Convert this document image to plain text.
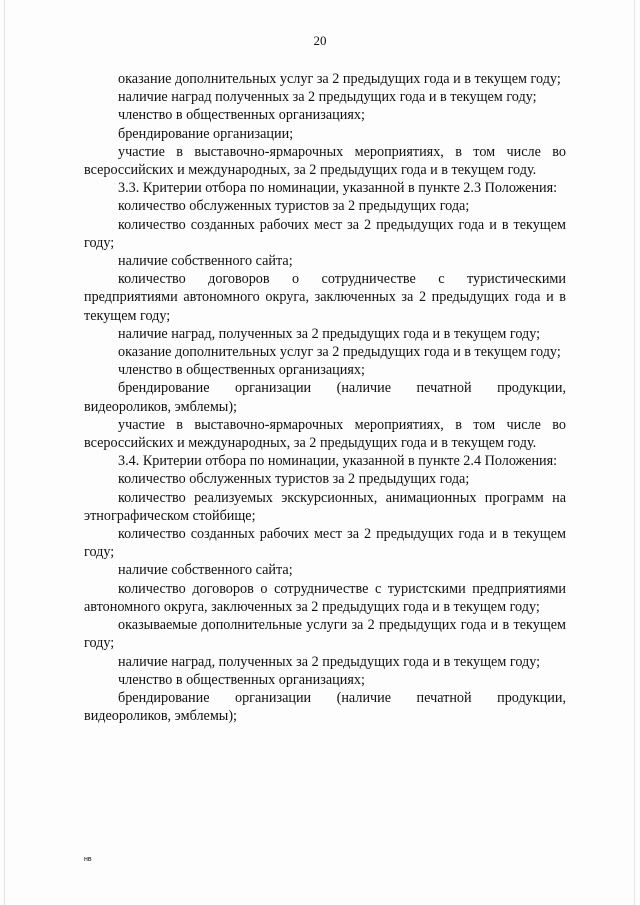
20

оказание дополнительных услуг за 2 предыдущих года и в текущем году;

наличие наград полученных за 2 предыдущих года и в текущем году;

членство в общественных организациях;

брендирование организации;

участие в выставочно-ярмарочных мероприятиях, в том числе во всероссийских и международных, за 2 предыдущих года и в текущем году.

3.3. Критерии отбора по номинации, указанной в пункте 2.3 Положения:

количество обслуженных туристов за 2 предыдущих года;

количество созданных рабочих мест за 2 предыдущих года и в текущем году;

наличие собственного сайта;

количество договоров о сотрудничестве с туристическими предприятиями автономного округа, заключенных за 2 предыдущих года и в текущем году;

наличие наград, полученных за 2 предыдущих года и в текущем году;

оказание дополнительных услуг за 2 предыдущих года и в текущем году;

членство в общественных организациях;

брендирование организации (наличие печатной продукции, видеороликов, эмблемы);

участие в выставочно-ярмарочных мероприятиях, в том числе во всероссийских и международных, за 2 предыдущих года и в текущем году.

3.4. Критерии отбора по номинации, указанной в пункте 2.4 Положения:

количество обслуженных туристов за 2 предыдущих года;

количество реализуемых экскурсионных, анимационных программ на этнографическом стойбище;

количество созданных рабочих мест за 2 предыдущих года и в текущем году;

наличие собственного сайта;

количество договоров о сотрудничестве с туристскими предприятиями автономного округа, заключенных за 2 предыдущих года и в текущем году;

оказываемые дополнительные услуги за 2 предыдущих года и в текущем году;

наличие наград, полученных за 2 предыдущих года и в текущем году;

членство в общественных организациях;

брендирование организации (наличие печатной продукции, видеороликов, эмблемы);

нв
